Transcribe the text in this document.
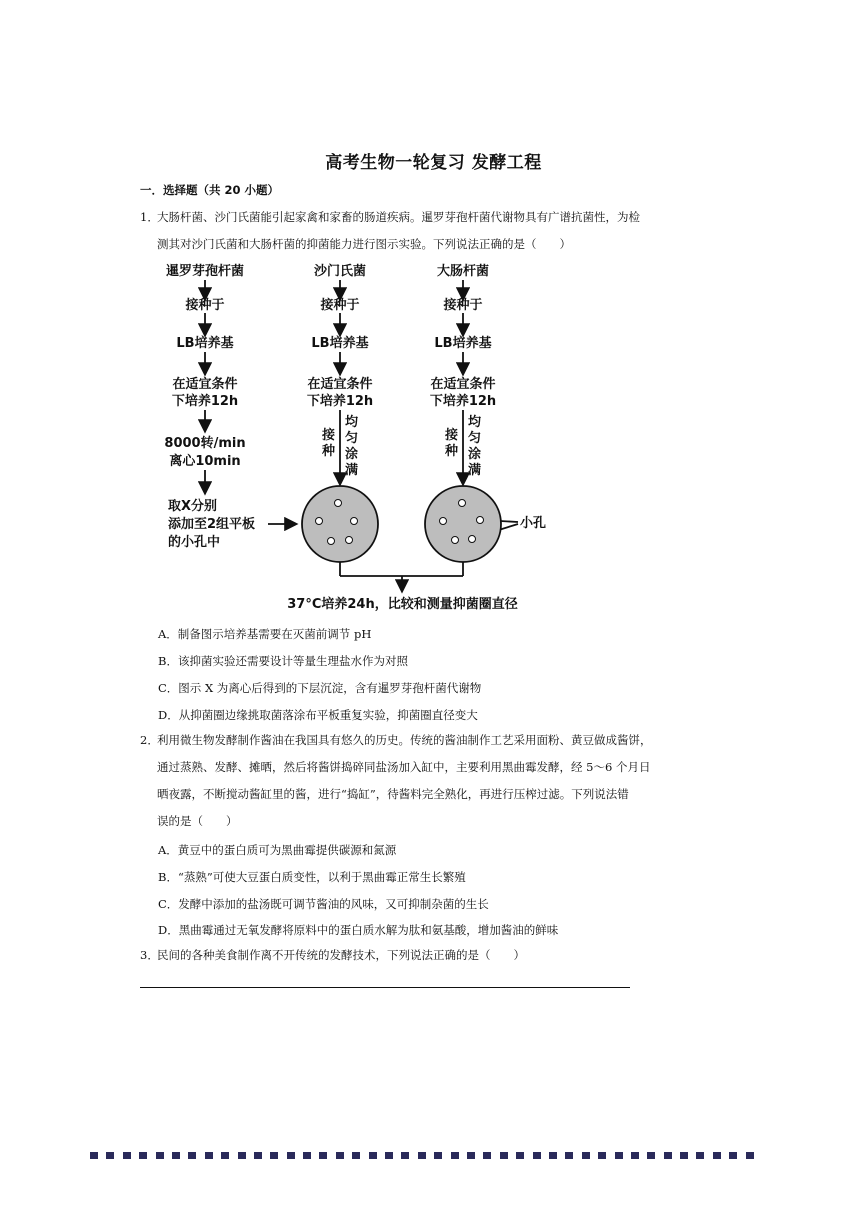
高考生物一轮复习 发酵工程
一．选择题（共 20 小题）
1．大肠杆菌、沙门氏菌能引起家禽和家畜的肠道疾病。暹罗芽孢杆菌代谢物具有广谱抗菌性，为检
测其对沙门氏菌和大肠杆菌的抑菌能力进行图示实验。下列说法正确的是（　　）
暹罗芽孢杆菌
接种于
LB培养基
在适宜条件
下培养12h
8000转/min
离心10min
取X分别
添加至2组平板
的小孔中
沙门氏菌
接种于
LB培养基
在适宜条件
下培养12h
接种
均匀涂满
大肠杆菌
接种于
LB培养基
在适宜条件
下培养12h
接种
均匀涂满
小孔
37°C培养24h，比较和测量抑菌圈直径
A．制备图示培养基需要在灭菌前调节 pH
B．该抑菌实验还需要设计等量生理盐水作为对照
C．图示 X 为离心后得到的下层沉淀，含有暹罗芽孢杆菌代谢物
D．从抑菌圈边缘挑取菌落涂布平板重复实验，抑菌圈直径变大
2．利用微生物发酵制作酱油在我国具有悠久的历史。传统的酱油制作工艺采用面粉、黄豆做成酱饼，
通过蒸熟、发酵、摊晒，然后将酱饼捣碎同盐汤加入缸中，主要利用黑曲霉发酵，经 5～6 个月日
晒夜露，不断搅动酱缸里的酱，进行“捣缸”，待酱料完全熟化，再进行压榨过滤。下列说法错
误的是（　　）
A．黄豆中的蛋白质可为黑曲霉提供碳源和氮源
B．“蒸熟”可使大豆蛋白质变性，以利于黑曲霉正常生长繁殖
C．发酵中添加的盐汤既可调节酱油的风味，又可抑制杂菌的生长
D．黑曲霉通过无氧发酵将原料中的蛋白质水解为肽和氨基酸，增加酱油的鲜味
3．民间的各种美食制作离不开传统的发酵技术，下列说法正确的是（　　）
